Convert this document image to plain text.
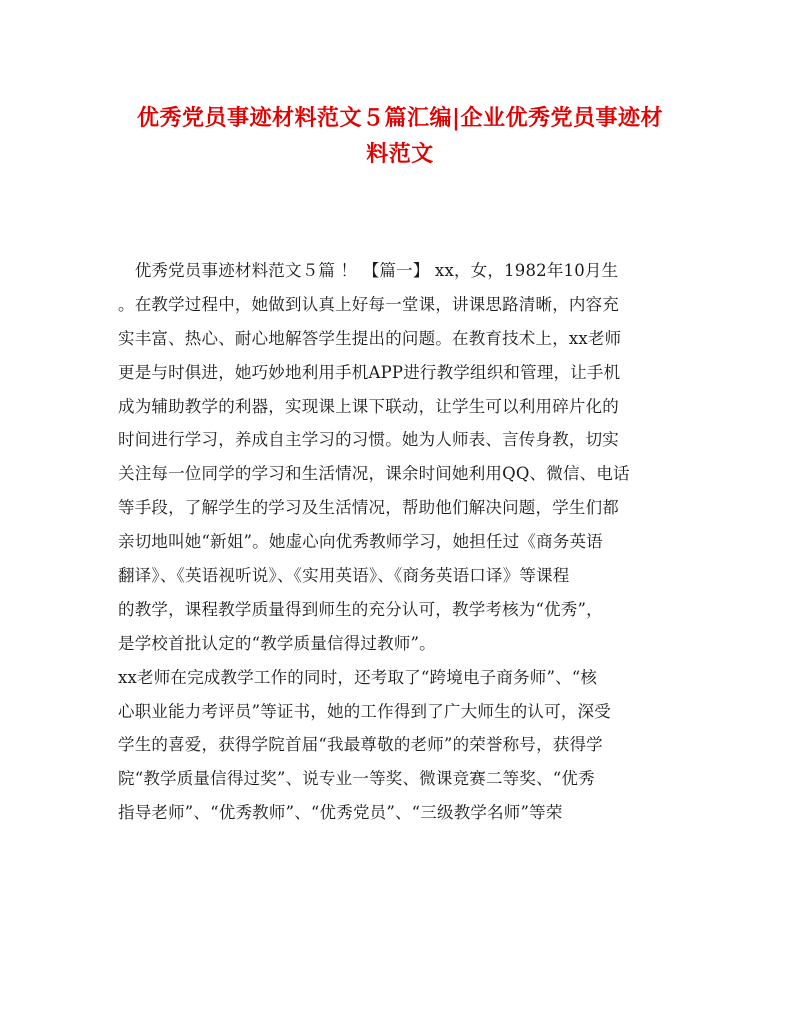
优秀党员事迹材料范文５篇汇编|企业优秀党员事迹材
料范文
　优秀党员事迹材料范文５篇 ！ 【篇一】 xx，女，1982年10月生
。在教学过程中，她做到认真上好每一堂课，讲课思路清晰，内容充
实丰富、热心、耐心地解答学生提出的问题。在教育技术上，xx老师
更是与时俱进，她巧妙地利用手机APP进行教学组织和管理，让手机
成为辅助教学的利器，实现课上课下联动，让学生可以利用碎片化的
时间进行学习，养成自主学习的习惯。她为人师表、言传身教，切实
关注每一位同学的学习和生活情况，课余时间她利用QQ、微信、电话
等手段，了解学生的学习及生活情况，帮助他们解决问题，学生们都
亲切地叫她“新姐”。她虚心向优秀教师学习，她担任过《商务英语
翻译》、《英语视听说》、《实用英语》、《商务英语口译》等课程
的教学，课程教学质量得到师生的充分认可，教学考核为“优秀”，
是学校首批认定的“教学质量信得过教师”。
xx老师在完成教学工作的同时，还考取了“跨境电子商务师”、“核
心职业能力考评员”等证书，她的工作得到了广大师生的认可，深受
学生的喜爱，获得学院首届“我最尊敬的老师”的荣誉称号，获得学
院“教学质量信得过奖”、说专业一等奖、微课竞赛二等奖、“优秀
指导老师”、“优秀教师”、“优秀党员”、“三级教学名师”等荣
